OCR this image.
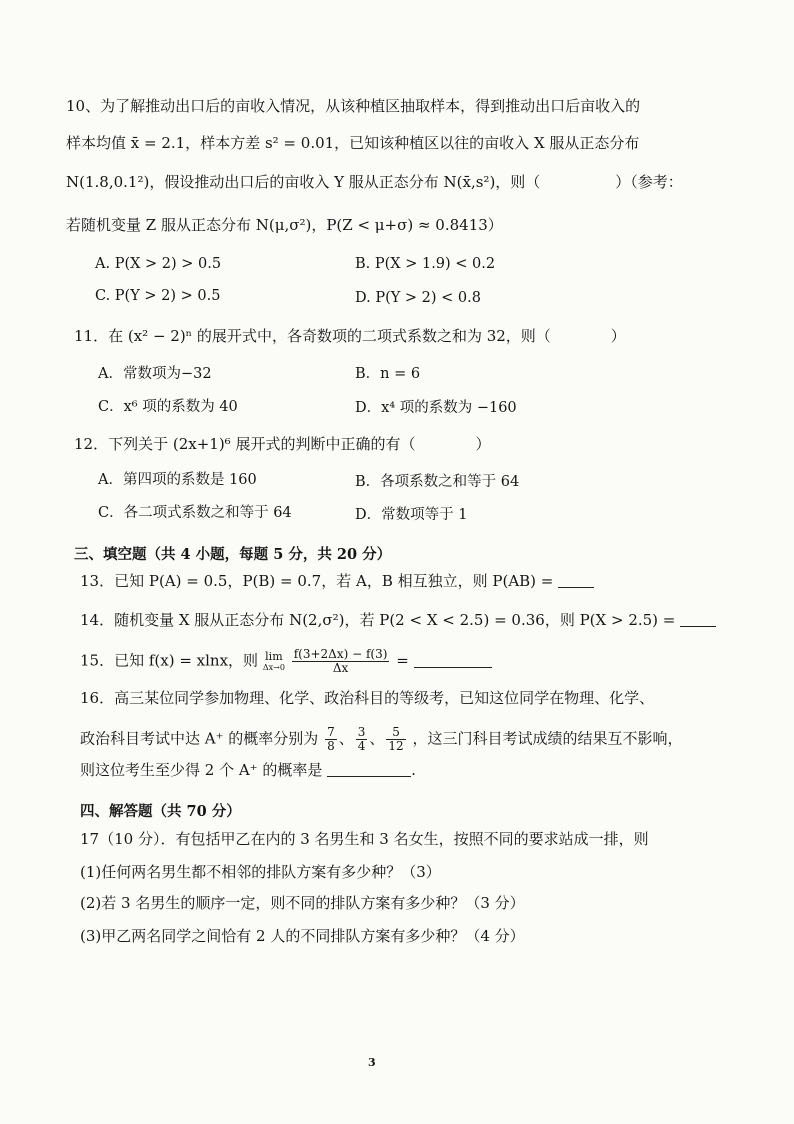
10、为了解推动出口后的亩收入情况，从该种植区抽取样本，得到推动出口后亩收入的
样本均值 x̄ = 2.1，样本方差 s² = 0.01，已知该种植区以往的亩收入 X 服从正态分布
N(1.8,0.1²)，假设推动出口后的亩收入 Y 服从正态分布 N(x̄,s²)，则（　　　　　）（参考：
若随机变量 Z 服从正态分布 N(μ,σ²)，P(Z < μ+σ) ≈ 0.8413）
A. P(X > 2) > 0.5	B. P(X > 1.9) < 0.2
C. P(Y > 2) > 0.5	D. P(Y > 2) < 0.8
11．在 (x² − 2)ⁿ 的展开式中，各奇数项的二项式系数之和为 32，则（　　　　）
A．常数项为−32	B．n = 6
C．x⁶ 项的系数为 40	D．x⁴ 项的系数为 −160
12．下列关于 (2x+1)⁶ 展开式的判断中正确的有（　　　　）
A．第四项的系数是 160	B．各项系数之和等于 64
C．各二项式系数之和等于 64	D．常数项等于 1
三、填空题（共 4 小题，每题 5 分，共 20 分）
13．已知 P(A) = 0.5，P(B) = 0.7，若 A，B 相互独立，则 P(AB) =
14．随机变量 X 服从正态分布 N(2,σ²)，若 P(2 < X < 2.5) = 0.36，则 P(X > 2.5) =
15．已知 f(x) = xlnx，则 lim
Δx→0
$\frac{f(3+2\Delta x) - f(3)}{\Delta x}$ =
16．高三某位同学参加物理、化学、政治科目的等级考，已知这位同学在物理、化学、
政治科目考试中达 A⁺ 的概率分别为 $\frac{7}{8}$ 、 $\frac{3}{4}$ 、 $\frac{5}{12}$ ，这三门科目考试成绩的结果互不影响，
则这位考生至少得 2 个 A⁺ 的概率是	.
四、解答题（共 70 分）
17（10 分）．有包括甲乙在内的 3 名男生和 3 名女生，按照不同的要求站成一排，则
(1)任何两名男生都不相邻的排队方案有多少种？（3）
(2)若 3 名男生的顺序一定，则不同的排队方案有多少种？（3 分）
(3)甲乙两名同学之间恰有 2 人的不同排队方案有多少种？（4 分）
3
